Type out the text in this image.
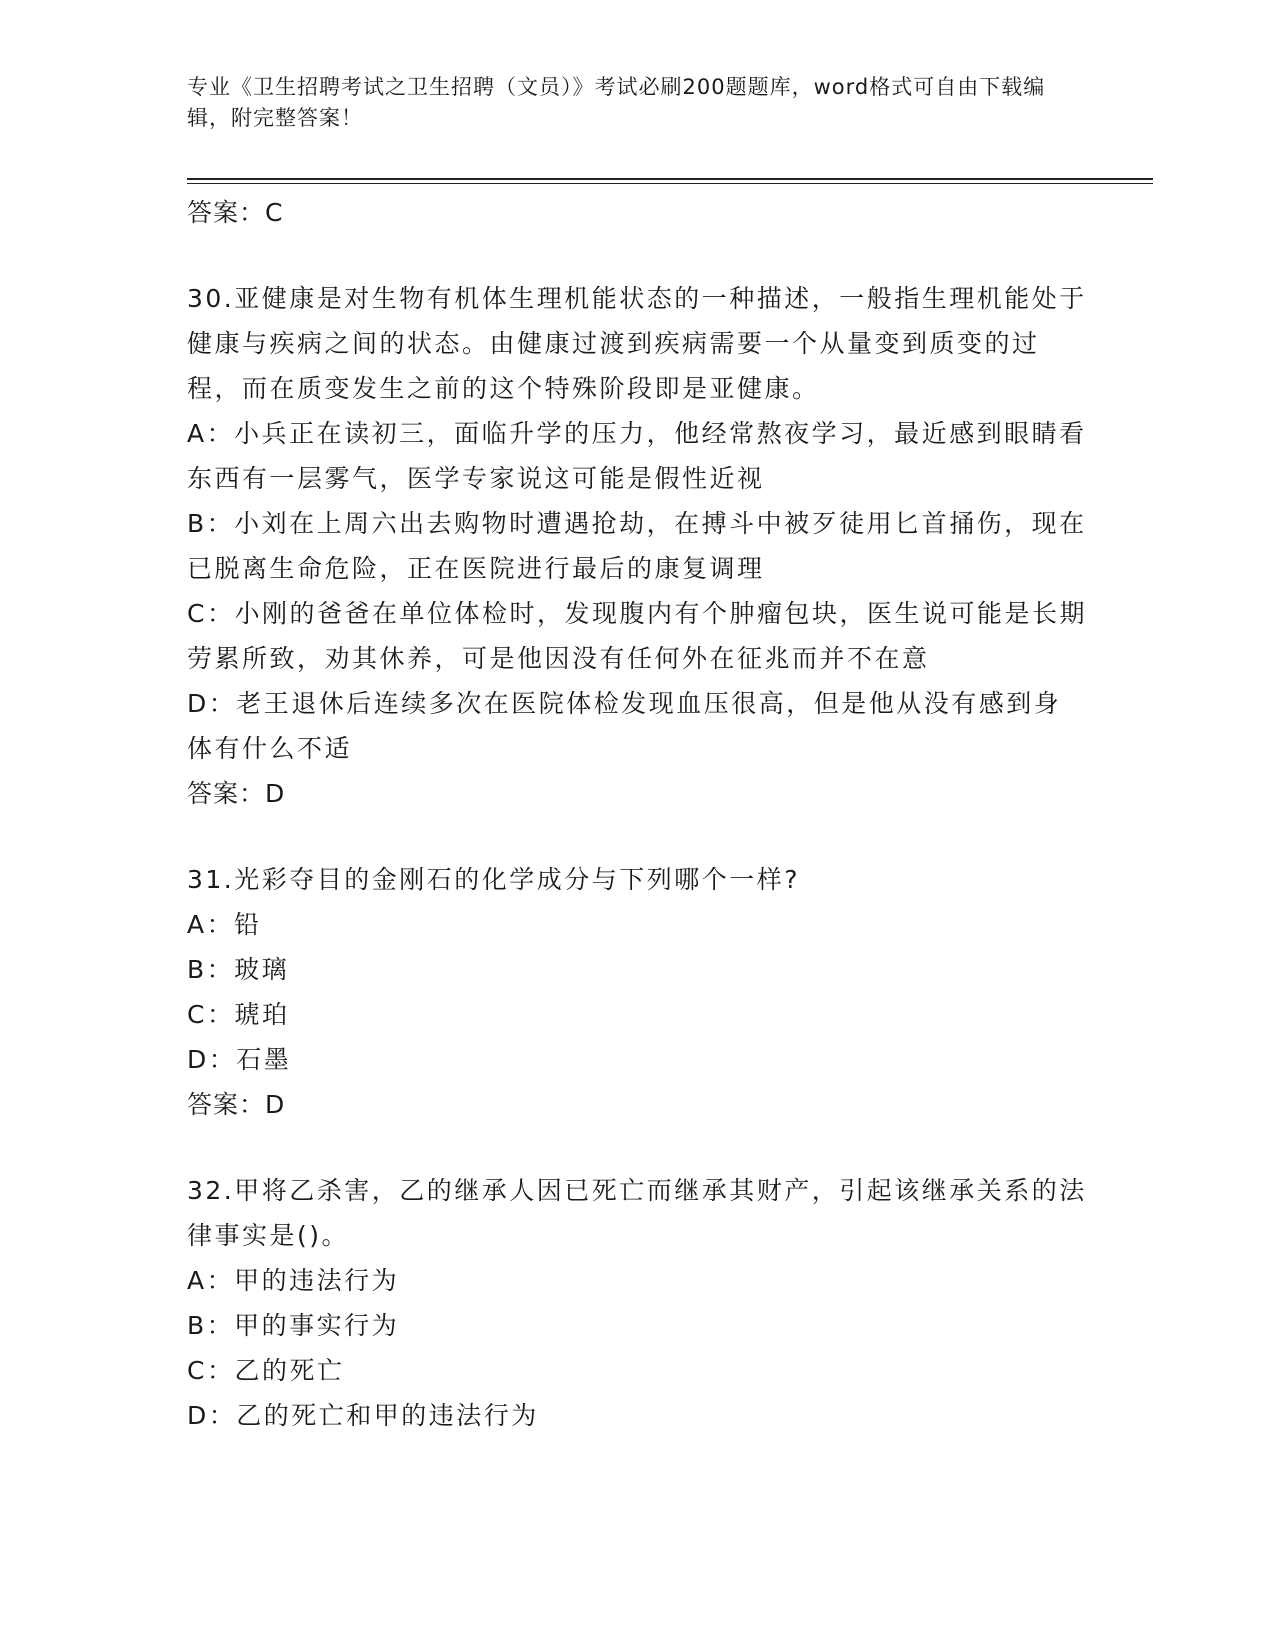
专业《卫生招聘考试之卫生招聘（文员）》考试必刷200题题库，word格式可自由下载编辑，附完整答案！
答案：C
30.亚健康是对生物有机体生理机能状态的一种描述，一般指生理机能处于健康与疾病之间的状态。由健康过渡到疾病需要一个从量变到质变的过程，而在质变发生之前的这个特殊阶段即是亚健康。
A：小兵正在读初三，面临升学的压力，他经常熬夜学习，最近感到眼睛看东西有一层雾气，医学专家说这可能是假性近视
B：小刘在上周六出去购物时遭遇抢劫，在搏斗中被歹徒用匕首捅伤，现在已脱离生命危险，正在医院进行最后的康复调理
C：小刚的爸爸在单位体检时，发现腹内有个肿瘤包块，医生说可能是长期劳累所致，劝其休养，可是他因没有任何外在征兆而并不在意
D：老王退休后连续多次在医院体检发现血压很高，但是他从没有感到身体有什么不适
答案：D
31.光彩夺目的金刚石的化学成分与下列哪个一样?
A：铅
B：玻璃
C：琥珀
D：石墨
答案：D
32.甲将乙杀害，乙的继承人因已死亡而继承其财产，引起该继承关系的法律事实是()。
A：甲的违法行为
B：甲的事实行为
C：乙的死亡
D：乙的死亡和甲的违法行为
